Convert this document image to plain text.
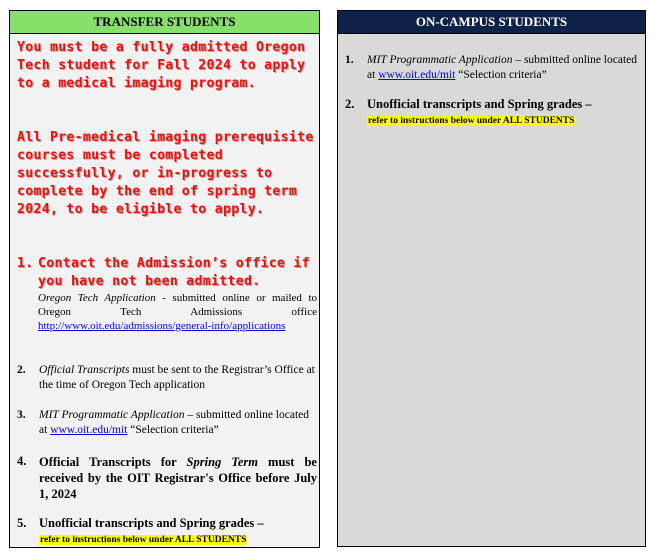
TRANSFER STUDENTS

You must be a fully admitted Oregon Tech student for Fall 2024 to apply to a medical imaging program.

All Pre-medical imaging prerequisite courses must be completed successfully, or in-progress to complete by the end of spring term 2024, to be eligible to apply.

1. Contact the Admission’s office if you have not been admitted.
Oregon Tech Application - submitted online or mailed to Oregon Tech Admissions office http://www.oit.edu/admissions/general-info/applications
2. Official Transcripts must be sent to the Registrar’s Office at the time of Oregon Tech application
3. MIT Programmatic Application – submitted online located at www.oit.edu/mit “Selection criteria”
4. Official Transcripts for Spring Term must be received by the OIT Registrar's Office before July 1, 2024
5. Unofficial transcripts and Spring grades –
refer to instructions below under ALL STUDENTS
ON-CAMPUS STUDENTS
1. MIT Programmatic Application – submitted online located at www.oit.edu/mit “Selection criteria”
2. Unofficial transcripts and Spring grades –
refer to instructions below under ALL STUDENTS
